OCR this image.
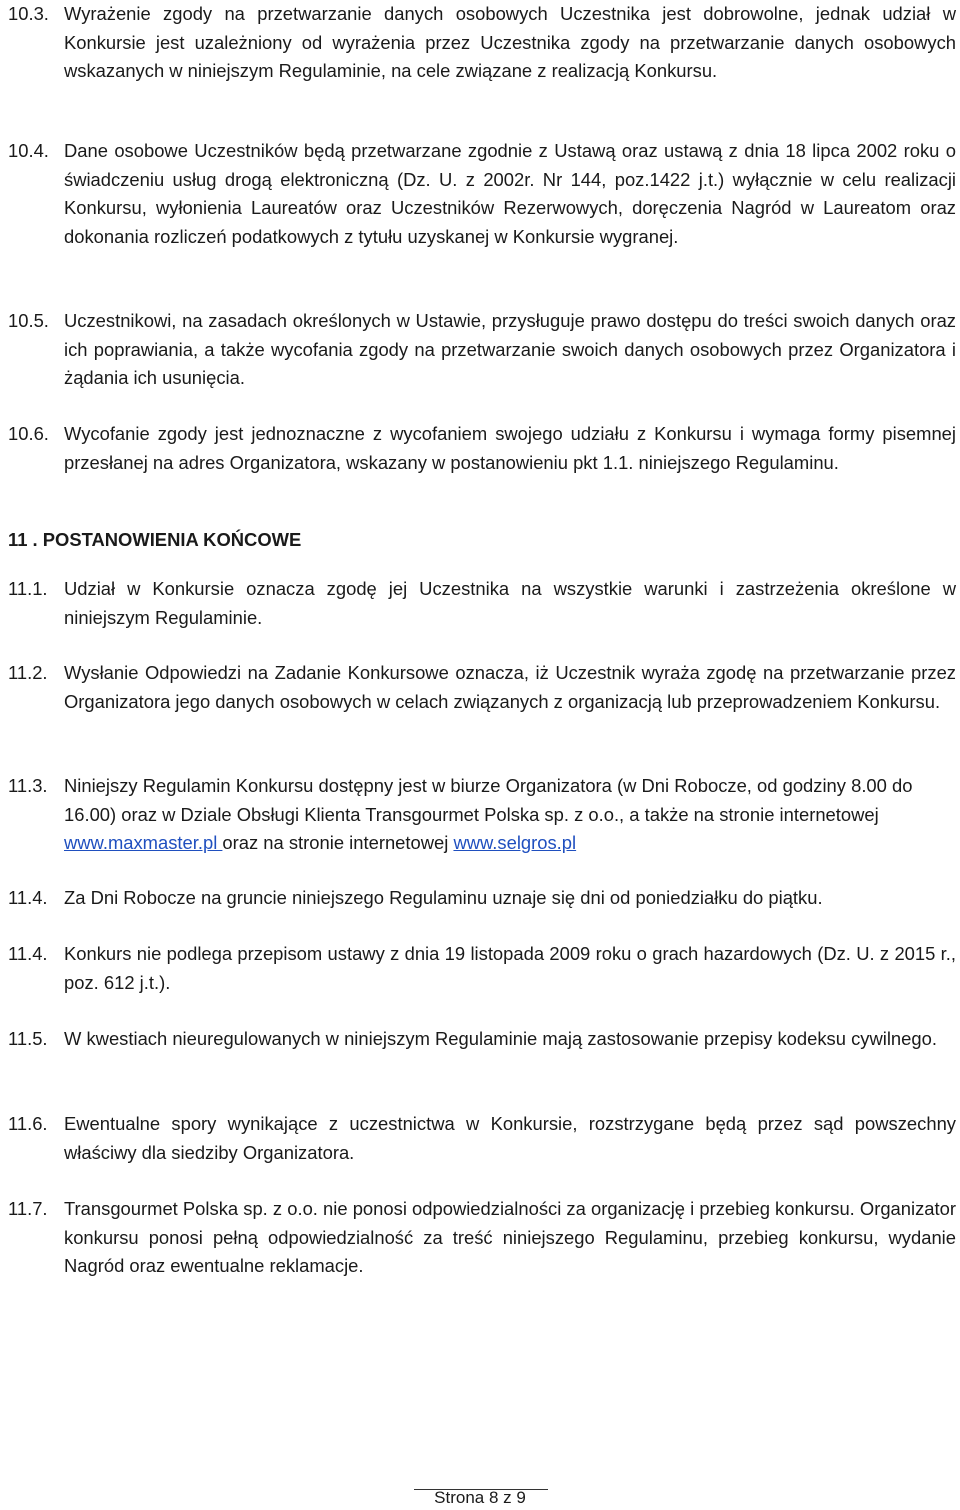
10.3. Wyrażenie zgody na przetwarzanie danych osobowych Uczestnika jest dobrowolne, jednak udział w Konkursie jest uzależniony od wyrażenia przez Uczestnika zgody na przetwarzanie danych osobowych wskazanych w niniejszym Regulaminie, na cele związane z realizacją Konkursu.
10.4. Dane osobowe Uczestników będą przetwarzane zgodnie z Ustawą oraz ustawą z dnia 18 lipca 2002 roku o świadczeniu usług drogą elektroniczną (Dz. U. z 2002r. Nr 144, poz.1422 j.t.) wyłącznie w celu realizacji Konkursu, wyłonienia Laureatów oraz Uczestników Rezerwowych, doręczenia Nagród w Laureatom oraz dokonania rozliczeń podatkowych z tytułu uzyskanej w Konkursie wygranej.
10.5. Uczestnikowi, na zasadach określonych w Ustawie, przysługuje prawo dostępu do treści swoich danych oraz ich poprawiania, a także wycofania zgody na przetwarzanie swoich danych osobowych przez Organizatora i żądania ich usunięcia.
10.6. Wycofanie zgody jest jednoznaczne z wycofaniem swojego udziału z Konkursu i wymaga formy pisemnej przesłanej na adres Organizatora, wskazany w postanowieniu pkt 1.1. niniejszego Regulaminu.
11 . POSTANOWIENIA KOŃCOWE
11.1. Udział w Konkursie oznacza zgodę jej Uczestnika na wszystkie warunki i zastrzeżenia określone w niniejszym Regulaminie.
11.2. Wysłanie Odpowiedzi na Zadanie Konkursowe oznacza, iż Uczestnik wyraża zgodę na przetwarzanie przez Organizatora jego danych osobowych w celach związanych z organizacją lub przeprowadzeniem Konkursu.
11.3. Niniejszy Regulamin Konkursu dostępny jest w biurze Organizatora (w Dni Robocze, od godziny 8.00 do 16.00) oraz w Dziale Obsługi Klienta Transgourmet Polska sp. z o.o., a także na stronie internetowej www.maxmaster.pl oraz na stronie internetowej www.selgros.pl
11.4. Za Dni Robocze na gruncie niniejszego Regulaminu uznaje się dni od poniedziałku do piątku.
11.4. Konkurs nie podlega przepisom ustawy z dnia 19 listopada 2009 roku o grach hazardowych (Dz. U. z 2015 r., poz. 612 j.t.).
11.5. W kwestiach nieuregulowanych w niniejszym Regulaminie mają zastosowanie przepisy kodeksu cywilnego.
11.6. Ewentualne spory wynikające z uczestnictwa w Konkursie, rozstrzygane będą przez sąd powszechny właściwy dla siedziby Organizatora.
11.7. Transgourmet Polska sp. z o.o. nie ponosi odpowiedzialności za organizację i przebieg konkursu. Organizator konkursu ponosi pełną odpowiedzialność za treść niniejszego Regulaminu, przebieg konkursu, wydanie Nagród oraz ewentualne reklamacje.
Strona 8 z 9
